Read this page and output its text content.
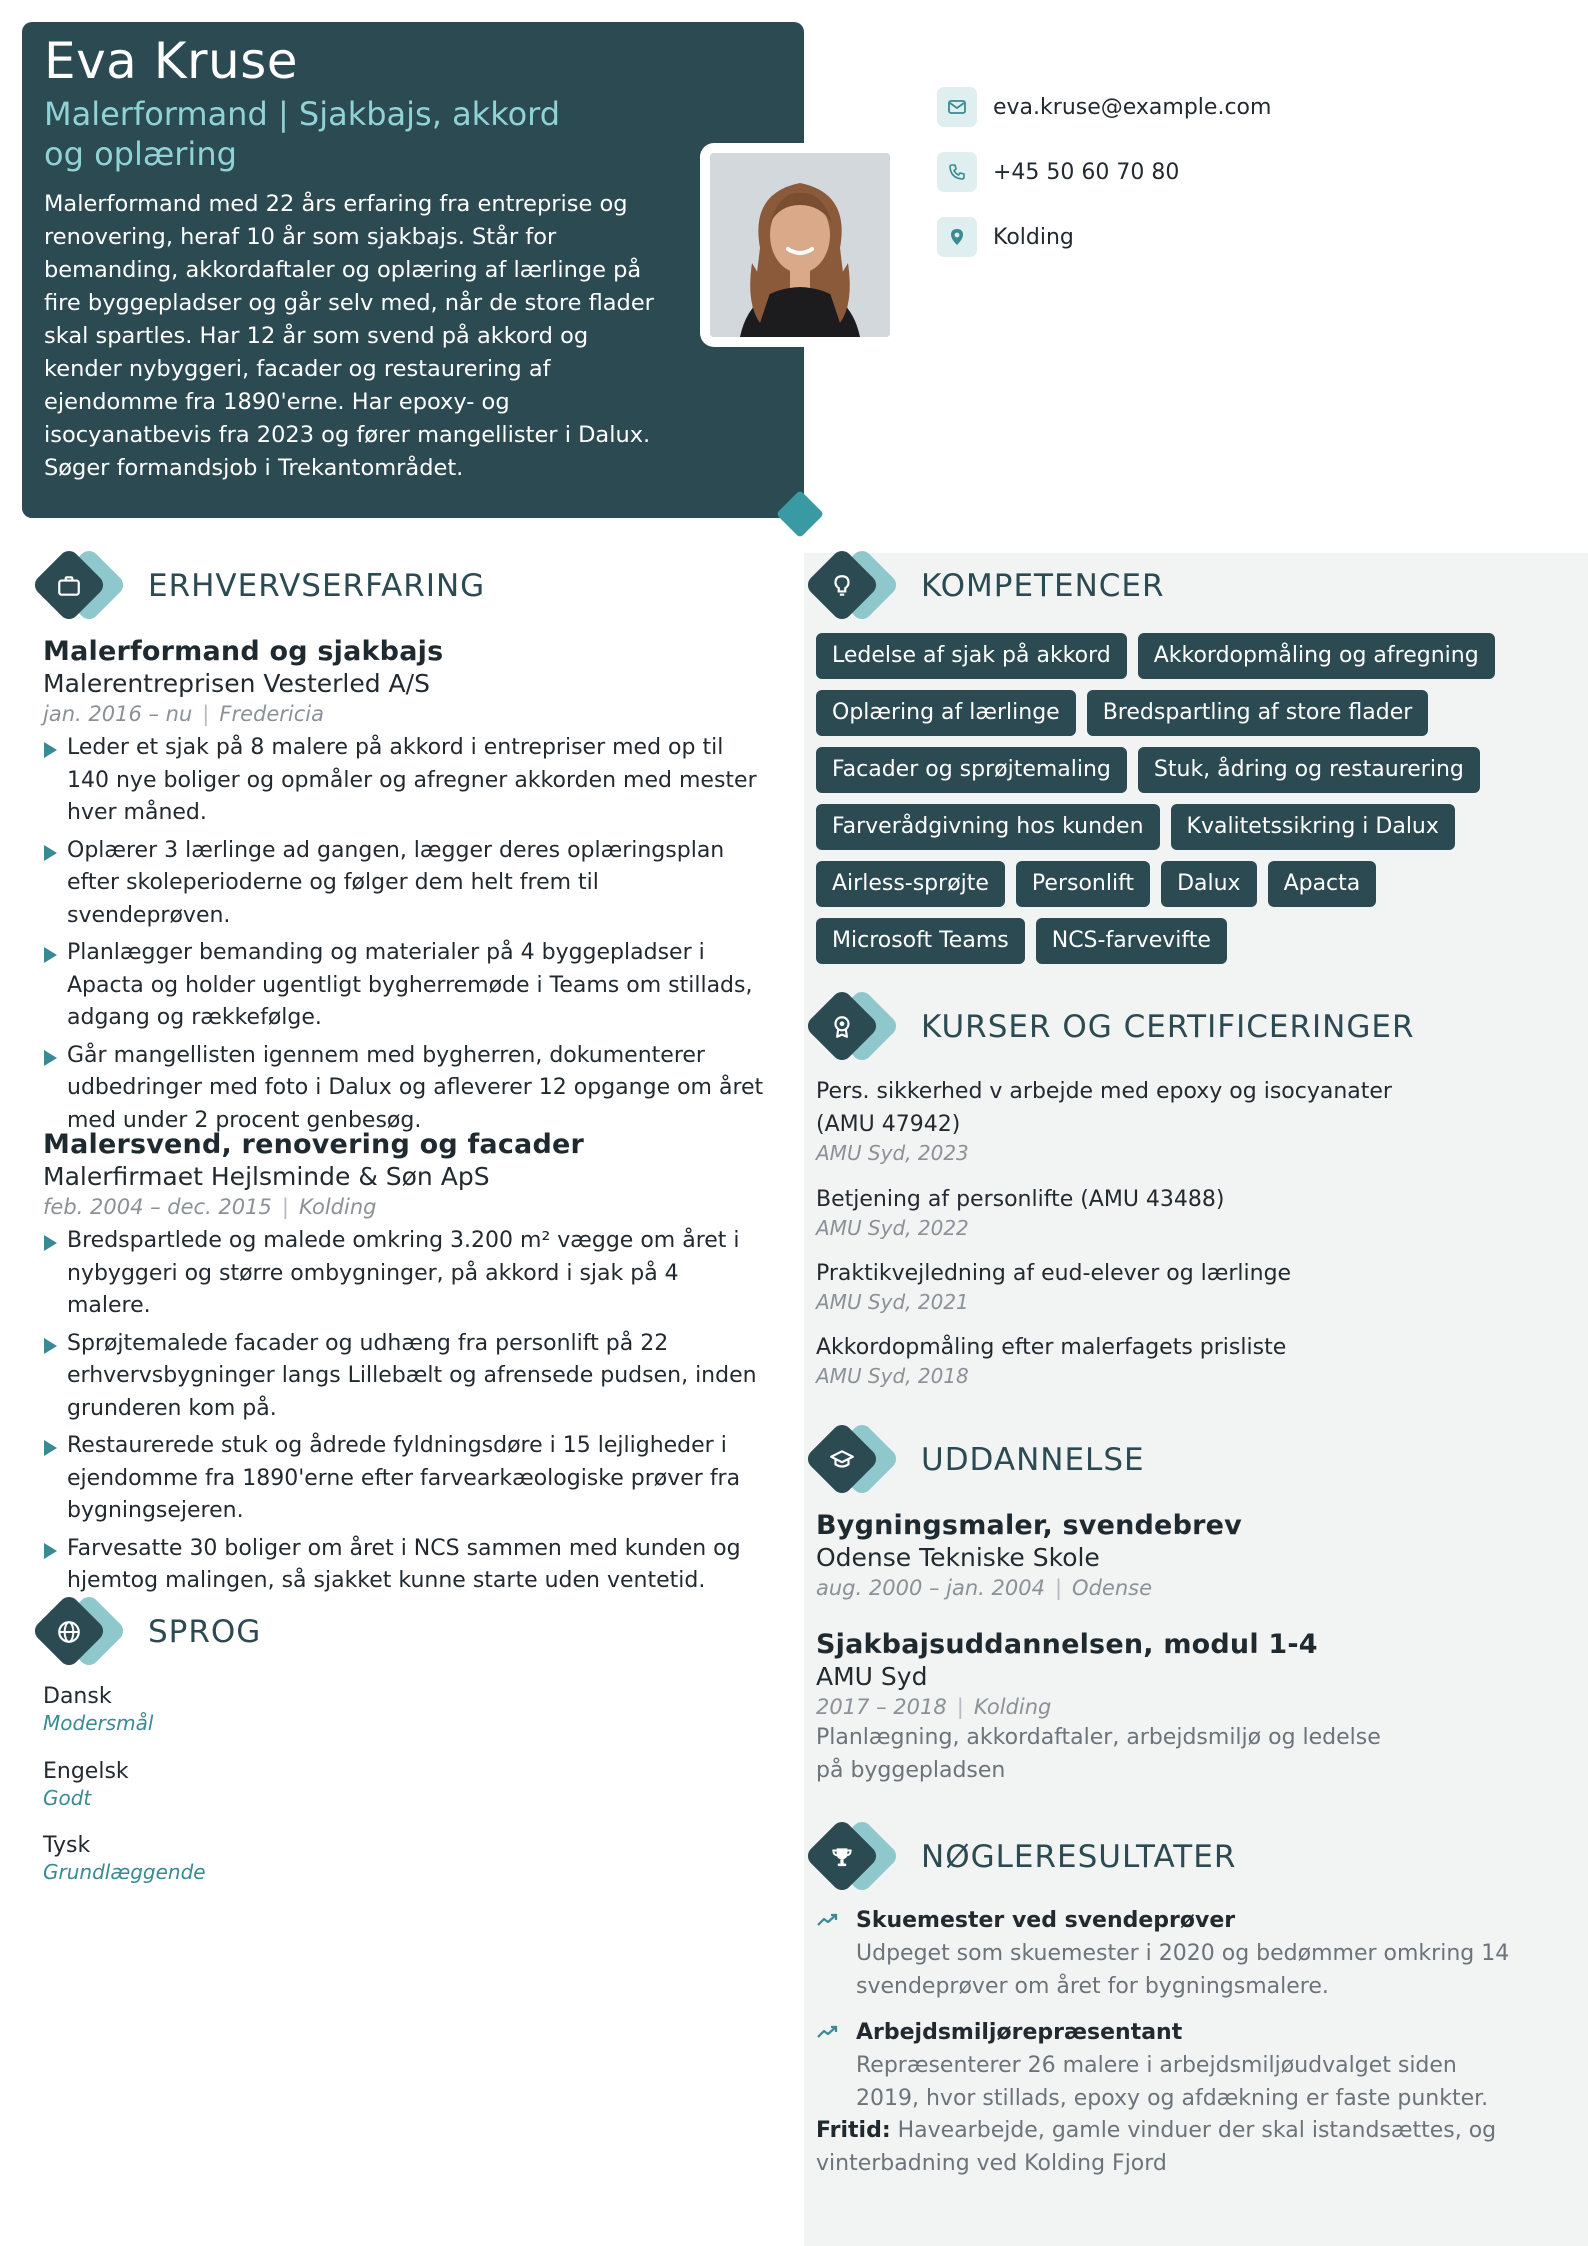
Eva Kruse
Malerformand | Sjakbajs, akkord og oplæring
Malerformand med 22 års erfaring fra entreprise og renovering, heraf 10 år som sjakbajs. Står for bemanding, akkordaftaler og oplæring af lærlinge på fire byggepladser og går selv med, når de store flader skal spartles. Har 12 år som svend på akkord og kender nybyggeri, facader og restaurering af ejendomme fra 1890'erne. Har epoxy- og isocyanatbevis fra 2023 og fører mangellister i Dalux. Søger formandsjob i Trekantområdet.
eva.kruse@example.com
+45 50 60 70 80
Kolding
ERHVERVSERFARING
Malerformand og sjakbajs
Malerentreprisen Vesterled A/S
jan. 2016 – nu | Fredericia
Leder et sjak på 8 malere på akkord i entrepriser med op til 140 nye boliger og opmåler og afregner akkorden med mester hver måned.
Oplærer 3 lærlinge ad gangen, lægger deres oplæringsplan efter skoleperioderne og følger dem helt frem til svendeprøven.
Planlægger bemanding og materialer på 4 byggepladser i Apacta og holder ugentligt bygherremøde i Teams om stillads, adgang og rækkefølge.
Går mangellisten igennem med bygherren, dokumenterer udbedringer med foto i Dalux og afleverer 12 opgange om året med under 2 procent genbesøg.
Malersvend, renovering og facader
Malerfirmaet Hejlsminde & Søn ApS
feb. 2004 – dec. 2015 | Kolding
Bredspartlede og malede omkring 3.200 m² vægge om året i nybyggeri og større ombygninger, på akkord i sjak på 4 malere.
Sprøjtemalede facader og udhæng fra personlift på 22 erhvervsbygninger langs Lillebælt og afrensede pudsen, inden grunderen kom på.
Restaurerede stuk og ådrede fyldningsdøre i 15 lejligheder i ejendomme fra 1890'erne efter farvearkæologiske prøver fra bygningsejeren.
Farvesatte 30 boliger om året i NCS sammen med kunden og hjemtog malingen, så sjakket kunne starte uden ventetid.
SPROG
Dansk
Modersmål
Engelsk
Godt
Tysk
Grundlæggende
KOMPETENCER
Ledelse af sjak på akkord	Akkordopmåling og afregning
Oplæring af lærlinge	Bredspartling af store flader
Facader og sprøjtemaling	Stuk, ådring og restaurering
Farverådgivning hos kunden	Kvalitetssikring i Dalux
Airless-sprøjte	Personlift	Dalux	Apacta
Microsoft Teams	NCS-farvevifte
KURSER OG CERTIFICERINGER
Pers. sikkerhed v arbejde med epoxy og isocyanater (AMU 47942)
AMU Syd, 2023
Betjening af personlifte (AMU 43488)
AMU Syd, 2022
Praktikvejledning af eud-elever og lærlinge
AMU Syd, 2021
Akkordopmåling efter malerfagets prisliste
AMU Syd, 2018
UDDANNELSE
Bygningsmaler, svendebrev
Odense Tekniske Skole
aug. 2000 – jan. 2004 | Odense
Sjakbajsuddannelsen, modul 1-4
AMU Syd
2017 – 2018 | Kolding
Planlægning, akkordaftaler, arbejdsmiljø og ledelse på byggepladsen
NØGLERESULTATER
Skuemester ved svendeprøver
Udpeget som skuemester i 2020 og bedømmer omkring 14 svendeprøver om året for bygningsmalere.
Arbejdsmiljørepræsentant
Repræsenterer 26 malere i arbejdsmiljøudvalget siden 2019, hvor stillads, epoxy og afdækning er faste punkter.
Fritid: Havearbejde, gamle vinduer der skal istandsættes, og vinterbadning ved Kolding Fjord
